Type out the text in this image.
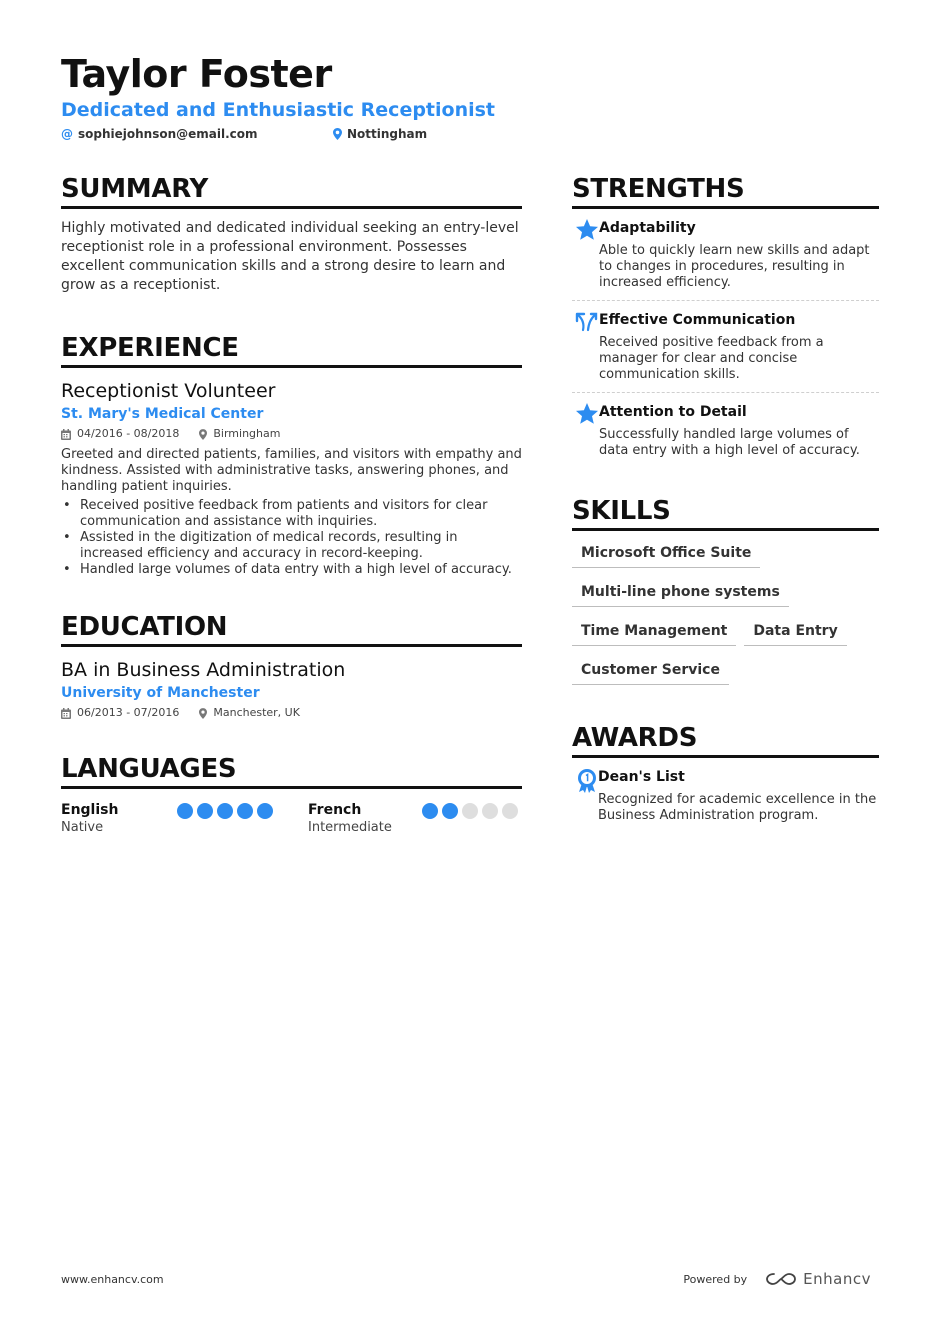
Taylor Foster
Dedicated and Enthusiastic Receptionist
@ sophiejohnson@email.com	Nottingham
SUMMARY
Highly motivated and dedicated individual seeking an entry-level receptionist role in a professional environment. Possesses excellent communication skills and a strong desire to learn and grow as a receptionist.
EXPERIENCE
Receptionist Volunteer
St. Mary's Medical Center
04/2016 - 08/2018	Birmingham
Greeted and directed patients, families, and visitors with empathy and kindness. Assisted with administrative tasks, answering phones, and handling patient inquiries.
• Received positive feedback from patients and visitors for clear communication and assistance with inquiries.
• Assisted in the digitization of medical records, resulting in increased efficiency and accuracy in record-keeping.
• Handled large volumes of data entry with a high level of accuracy.
EDUCATION
BA in Business Administration
University of Manchester
06/2013 - 07/2016	Manchester, UK
LANGUAGES
English
Native
French
Intermediate
STRENGTHS
Adaptability
Able to quickly learn new skills and adapt to changes in procedures, resulting in increased efficiency.
Effective Communication
Received positive feedback from a manager for clear and concise communication skills.
Attention to Detail
Successfully handled large volumes of data entry with a high level of accuracy.
SKILLS
Microsoft Office Suite
Multi-line phone systems
Time Management	Data Entry
Customer Service
AWARDS
Dean's List
Recognized for academic excellence in the Business Administration program.
www.enhancv.com	Powered by	Enhancv
